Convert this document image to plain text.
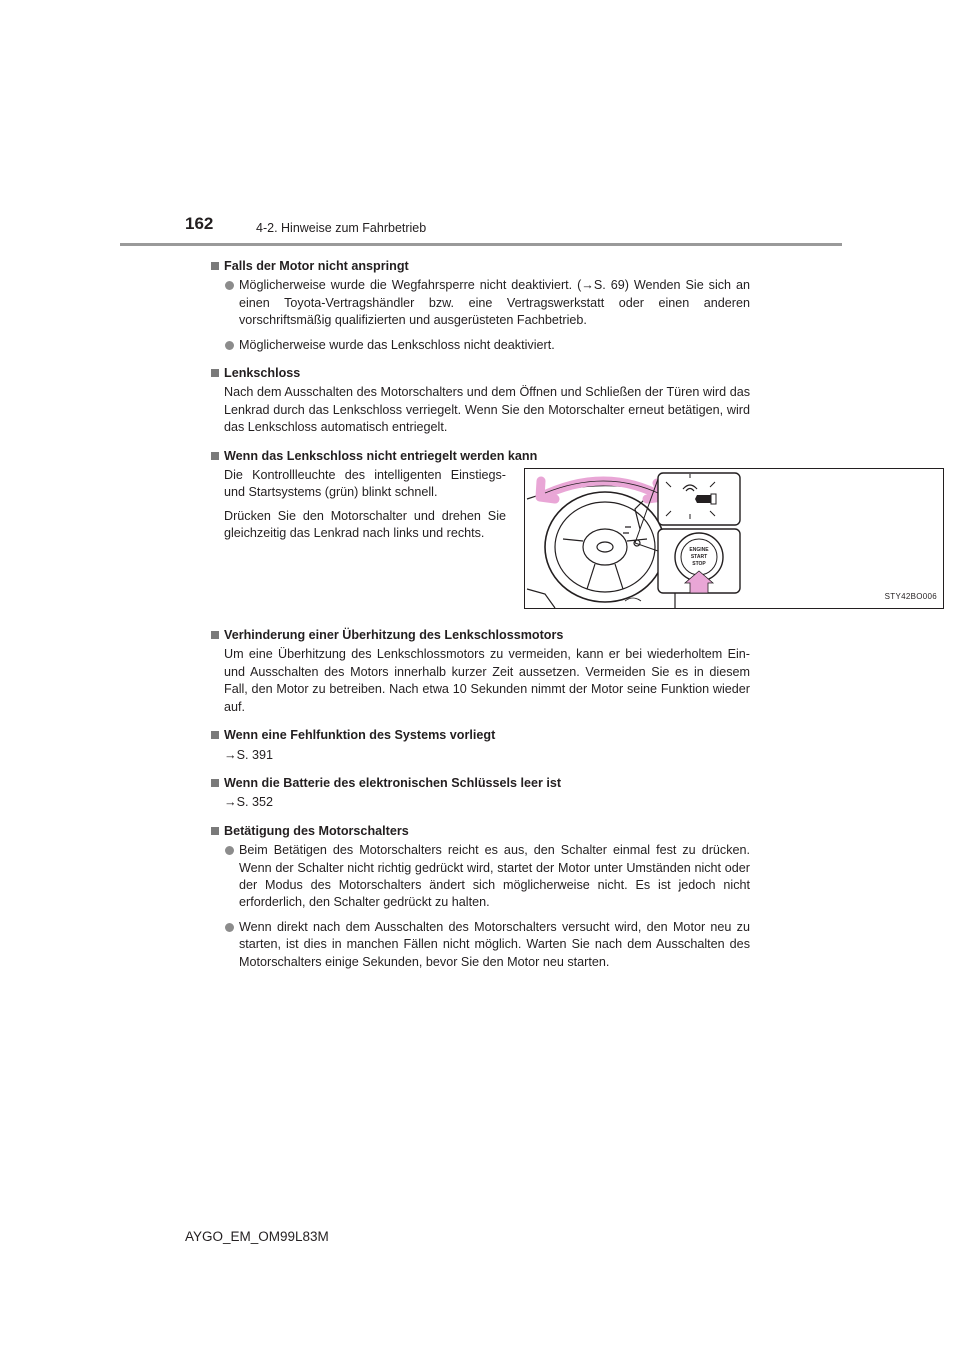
162	4-2. Hinweise zum Fahrbetrieb
Falls der Motor nicht anspringt
Möglicherweise wurde die Wegfahrsperre nicht deaktiviert. (→S. 69) Wenden Sie sich an einen Toyota-Vertragshändler bzw. eine Vertragswerkstatt oder einen anderen vorschriftsmäßig qualifizierten und ausgerüsteten Fachbetrieb.
Möglicherweise wurde das Lenkschloss nicht deaktiviert.
Lenkschloss
Nach dem Ausschalten des Motorschalters und dem Öffnen und Schließen der Türen wird das Lenkrad durch das Lenkschloss verriegelt. Wenn Sie den Motorschalter erneut betätigen, wird das Lenkschloss automatisch entriegelt.
Wenn das Lenkschloss nicht entriegelt werden kann

Die Kontrollleuchte des intelligenten Einstiegs- und Startsystems (grün) blinkt schnell.

Drücken Sie den Motorschalter und drehen Sie gleichzeitig das Lenkrad nach links und rechts.

ENGINE
START
STOP
STY42BO006
Verhinderung einer Überhitzung des Lenkschlossmotors
Um eine Überhitzung des Lenkschlossmotors zu vermeiden, kann er bei wiederholtem Ein- und Ausschalten des Motors innerhalb kurzer Zeit aussetzen. Vermeiden Sie es in diesem Fall, den Motor zu betreiben. Nach etwa 10 Sekunden nimmt der Motor seine Funktion wieder auf.
Wenn eine Fehlfunktion des Systems vorliegt
→S. 391
Wenn die Batterie des elektronischen Schlüssels leer ist
→S. 352
Betätigung des Motorschalters
Beim Betätigen des Motorschalters reicht es aus, den Schalter einmal fest zu drücken. Wenn der Schalter nicht richtig gedrückt wird, startet der Motor unter Umständen nicht oder der Modus des Motorschalters ändert sich möglicherweise nicht. Es ist jedoch nicht erforderlich, den Schalter gedrückt zu halten.
Wenn direkt nach dem Ausschalten des Motorschalters versucht wird, den Motor neu zu starten, ist dies in manchen Fällen nicht möglich. Warten Sie nach dem Ausschalten des Motorschalters einige Sekunden, bevor Sie den Motor neu starten.
AYGO_EM_OM99L83M
